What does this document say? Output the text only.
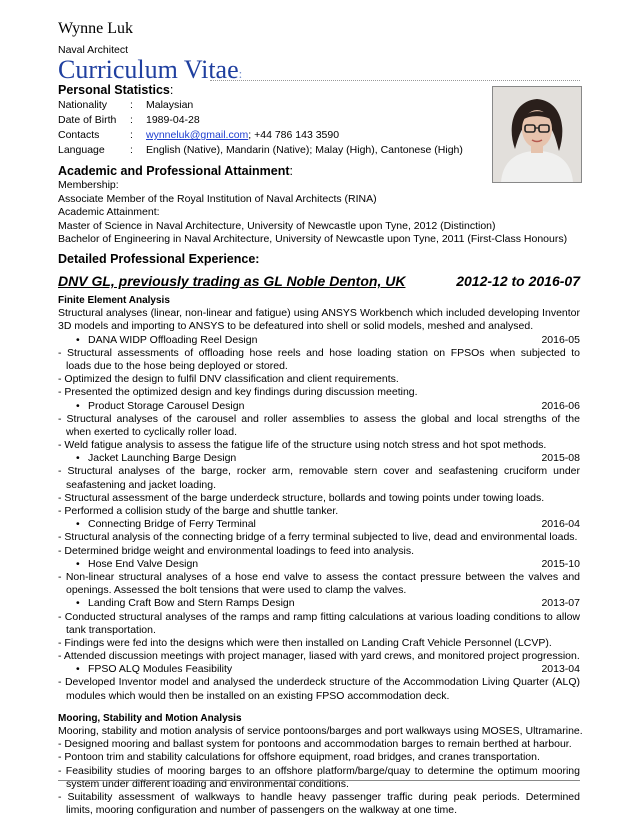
Wynne Luk
Naval Architect
Curriculum Vitae:
Personal Statistics:
Nationality : Malaysian
Date of Birth : 1989-04-28
Contacts	: wynneluk@gmail.com; +44 786 143 3590
Language : English (Native), Mandarin (Native); Malay (High), Cantonese (High)
Academic and Professional Attainment:
Membership:
Associate Member of the Royal Institution of Naval Architects (RINA)
Academic Attainment:
Master of Science in Naval Architecture, University of Newcastle upon Tyne, 2012 (Distinction)
Bachelor of Engineering in Naval Architecture, University of Newcastle upon Tyne, 2011 (First-Class Honours)
Detailed Professional Experience:
DNV GL, previously trading as GL Noble Denton, UK	2012-12 to 2016-07
Finite Element Analysis
Structural analyses (linear, non-linear and fatigue) using ANSYS Workbench which included developing Inventor
3D models and importing to ANSYS to be defeatured into shell or solid models, meshed and analysed.
• DANA WIDP Offloading Reel Design	2016-05
- Structural assessments of offloading hose reels and hose loading station on FPSOs when subjected to
loads due to the hose being deployed or stored.
- Optimized the design to fulfil DNV classification and client requirements.
- Presented the optimized design and key findings during discussion meeting.
• Product Storage Carousel Design	2016-06
- Structural analyses of the carousel and roller assemblies to assess the global and local strengths of the
when exerted to cyclically roller load.
- Weld fatigue analysis to assess the fatigue life of the structure using notch stress and hot spot methods.
• Jacket Launching Barge Design	2015-08
- Structural analyses of the barge, rocker arm, removable stern cover and seafastening cruciform under
seafastening and jacket loading.
- Structural assessment of the barge underdeck structure, bollards and towing points under towing loads.
- Performed a collision study of the barge and shuttle tanker.
• Connecting Bridge of Ferry Terminal	2016-04
- Structural analysis of the connecting bridge of a ferry terminal subjected to live, dead and environmental loads.
- Determined bridge weight and environmental loadings to feed into analysis.
• Hose End Valve Design	2015-10
- Non-linear structural analyses of a hose end valve to assess the contact pressure between the valves and
openings. Assessed the bolt tensions that were used to clamp the valves.
• Landing Craft Bow and Stern Ramps Design	2013-07
- Conducted structural analyses of the ramps and ramp fitting calculations at various loading conditions to allow
tank transportation.
- Findings were fed into the designs which were then installed on Landing Craft Vehicle Personnel (LCVP).
- Attended discussion meetings with project manager, liased with yard crews, and monitored project progression.
• FPSO ALQ Modules Feasibility	2013-04
- Developed Inventor model and analysed the underdeck structure of the Accommodation Living Quarter (ALQ)
modules which would then be installed on an existing FPSO accommodation deck.
Mooring, Stability and Motion Analysis
Mooring, stability and motion analysis of service pontoons/barges and port walkways using MOSES, Ultramarine.
- Designed mooring and ballast system for pontoons and accommodation barges to remain berthed at harbour.
- Pontoon trim and stability calculations for offshore equipment, road bridges, and cranes transportation.
- Feasibility studies of mooring barges to an offshore platform/barge/quay to determine the optimum mooring
system under different loading and environmental conditions.
- Suitability assessment of walkways to handle heavy passenger traffic during peak periods. Determined
limits, mooring configuration and number of passengers on the walkway at one time.
